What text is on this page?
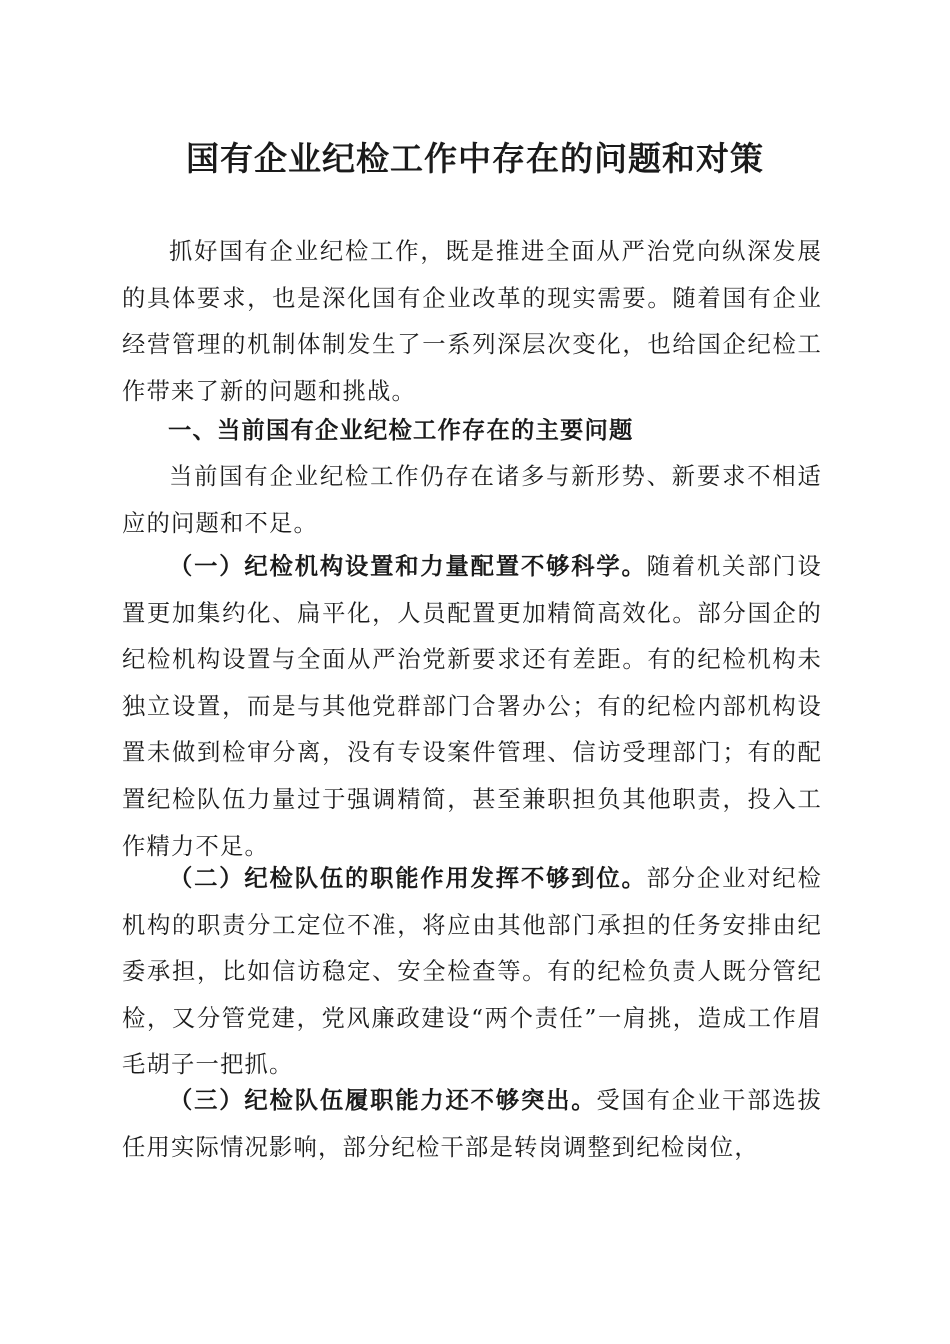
国有企业纪检工作中存在的问题和对策

抓好国有企业纪检工作，既是推进全面从严治党向纵深发展的具体要求，也是深化国有企业改革的现实需要。随着国有企业经营管理的机制体制发生了一系列深层次变化，也给国企纪检工作带来了新的问题和挑战。

一、当前国有企业纪检工作存在的主要问题

当前国有企业纪检工作仍存在诸多与新形势、新要求不相适应的问题和不足。

（一）纪检机构设置和力量配置不够科学。随着机关部门设置更加集约化、扁平化，人员配置更加精简高效化。部分国企的纪检机构设置与全面从严治党新要求还有差距。有的纪检机构未独立设置，而是与其他党群部门合署办公；有的纪检内部机构设置未做到检审分离，没有专设案件管理、信访受理部门；有的配置纪检队伍力量过于强调精简，甚至兼职担负其他职责，投入工作精力不足。

（二）纪检队伍的职能作用发挥不够到位。部分企业对纪检机构的职责分工定位不准，将应由其他部门承担的任务安排由纪委承担，比如信访稳定、安全检查等。有的纪检负责人既分管纪检，又分管党建，党风廉政建设“两个责任”一肩挑，造成工作眉毛胡子一把抓。

（三）纪检队伍履职能力还不够突出。受国有企业干部选拔任用实际情况影响，部分纪检干部是转岗调整到纪检岗位，
